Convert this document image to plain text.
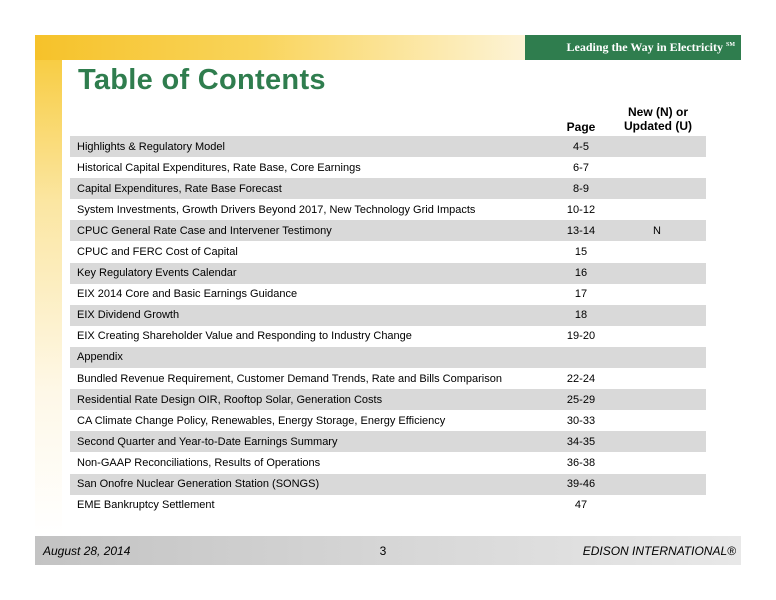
Leading the Way in Electricity ℠
Table of Contents
Page
New (N) or
Updated (U)
Highlights & Regulatory Model	4-5
Historical Capital Expenditures, Rate Base, Core Earnings	6-7
Capital Expenditures, Rate Base Forecast	8-9
System Investments, Growth Drivers Beyond 2017, New Technology Grid Impacts	10-12
CPUC General Rate Case and Intervener Testimony	13-14	N
CPUC and FERC Cost of Capital	15
Key Regulatory Events Calendar	16
EIX 2014 Core and Basic Earnings Guidance	17
EIX Dividend Growth	18
EIX Creating Shareholder Value and Responding to Industry Change	19-20
Appendix
Bundled Revenue Requirement, Customer Demand Trends, Rate and Bills Comparison	22-24
Residential Rate Design OIR, Rooftop Solar, Generation Costs	25-29
CA Climate Change Policy, Renewables, Energy Storage, Energy Efficiency	30-33
Second Quarter and Year-to-Date Earnings Summary	34-35
Non-GAAP Reconciliations, Results of Operations	36-38
San Onofre Nuclear Generation Station (SONGS)	39-46
EME Bankruptcy Settlement	47
August 28, 2014	3	EDISON INTERNATIONAL®
